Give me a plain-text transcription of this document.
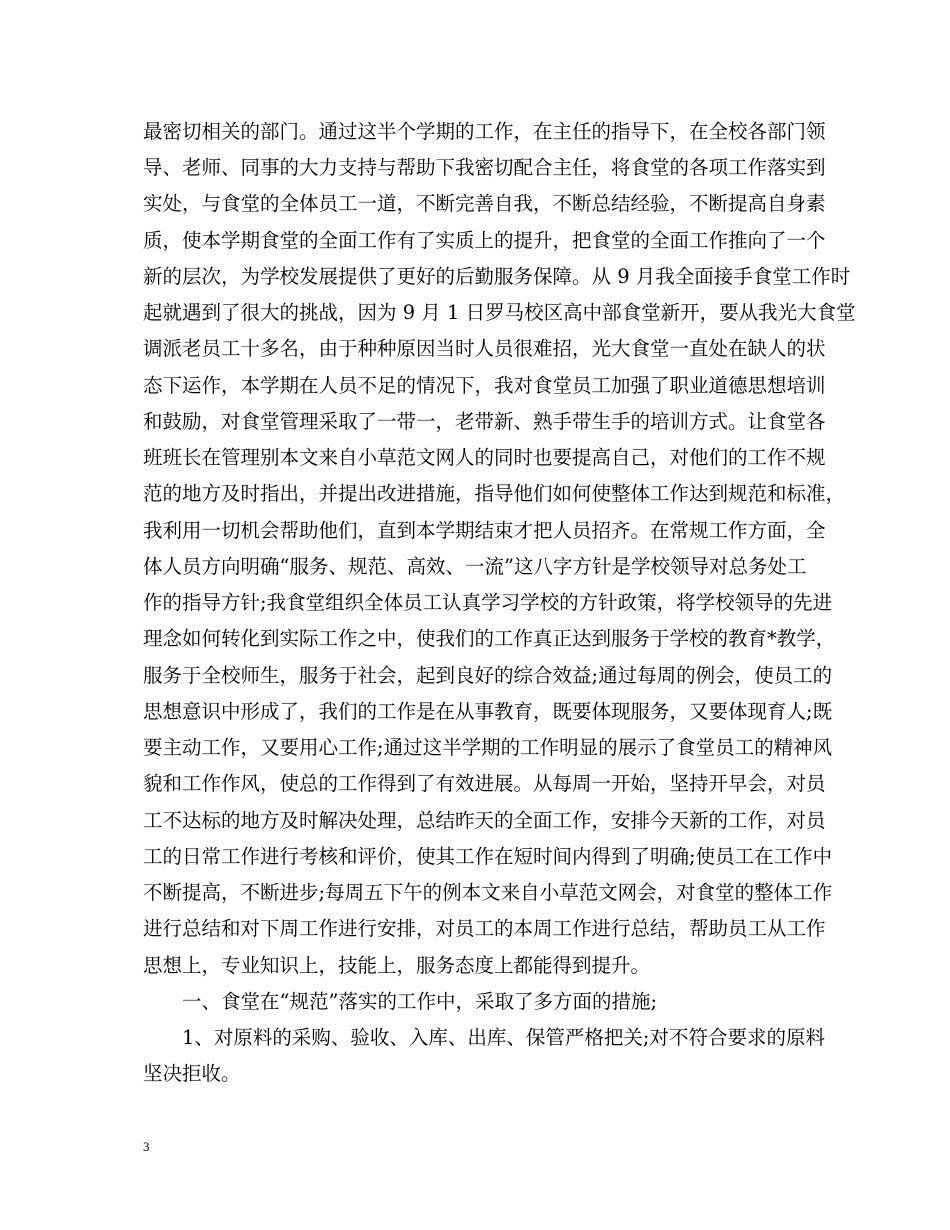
最密切相关的部门。通过这半个学期的工作，在主任的指导下，在全校各部门领

导、老师、同事的大力支持与帮助下我密切配合主任，将食堂的各项工作落实到

实处，与食堂的全体员工一道，不断完善自我，不断总结经验，不断提高自身素

质，使本学期食堂的全面工作有了实质上的提升，把食堂的全面工作推向了一个

新的层次，为学校发展提供了更好的后勤服务保障。从 9 月我全面接手食堂工作时

起就遇到了很大的挑战，因为 9 月 1 日罗马校区高中部食堂新开，要从我光大食堂

调派老员工十多名，由于种种原因当时人员很难招，光大食堂一直处在缺人的状

态下运作，本学期在人员不足的情况下，我对食堂员工加强了职业道德思想培训

和鼓励，对食堂管理采取了一带一，老带新、熟手带生手的培训方式。让食堂各

班班长在管理别本文来自小草范文网人的同时也要提高自己，对他们的工作不规

范的地方及时指出，并提出改进措施，指导他们如何使整体工作达到规范和标准，

我利用一切机会帮助他们，直到本学期结束才把人员招齐。在常规工作方面，全

体人员方向明确“服务、规范、高效、一流”这八字方针是学校领导对总务处工

作的指导方针;我食堂组织全体员工认真学习学校的方针政策，将学校领导的先进

理念如何转化到实际工作之中，使我们的工作真正达到服务于学校的教育*教学，

服务于全校师生，服务于社会，起到良好的综合效益;通过每周的例会，使员工的

思想意识中形成了，我们的工作是在从事教育，既要体现服务，又要体现育人;既

要主动工作，又要用心工作;通过这半学期的工作明显的展示了食堂员工的精神风

貌和工作作风，使总的工作得到了有效进展。从每周一开始，坚持开早会，对员

工不达标的地方及时解决处理，总结昨天的全面工作，安排今天新的工作，对员

工的日常工作进行考核和评价，使其工作在短时间内得到了明确;使员工在工作中

不断提高，不断进步;每周五下午的例本文来自小草范文网会，对食堂的整体工作

进行总结和对下周工作进行安排，对员工的本周工作进行总结，帮助员工从工作

思想上，专业知识上，技能上，服务态度上都能得到提升。

一、食堂在“规范”落实的工作中，采取了多方面的措施;

1、对原料的采购、验收、入库、出库、保管严格把关;对不符合要求的原料

坚决拒收。

3
